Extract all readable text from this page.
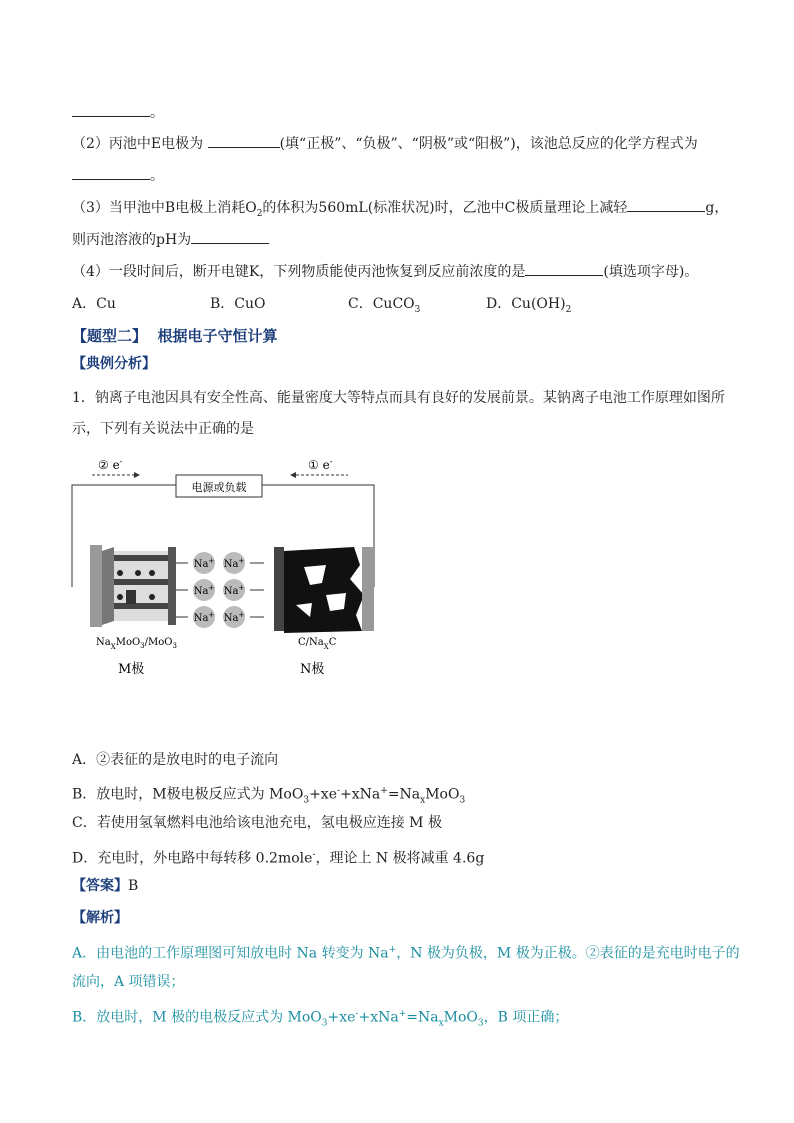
。
（2）丙池中E电极为	(填“正极”、“负极”、“阴极”或“阳极”)，该池总反应的化学方程式为
。
（3）当甲池中B电极上消耗$O_2$的体积为560mL(标准状况)时，乙池中C极质量理论上减轻	g，
则丙池溶液的pH为
（4）一段时间后，断开电键K，下列物质能使丙池恢复到反应前浓度的是	(填选项字母)。
A．Cu	B．CuO	C．CuCO$_3$	D．$Cu(OH)_2$
【题型二】 根据电子守恒计算
【典例分析】
1．钠离子电池因具有安全性高、能量密度大等特点而具有良好的发展前景。某钠离子电池工作原理如图所
示，下列有关说法中正确的是
电源或负载
② e-	① e-
Na+ Na+
Na+ Na+
Na+ Na+
$Na_XMoO_3/MoO_3$	$C/Na_XC$
M极	N极
A．②表征的是放电时的电子流向
B．放电时，M极电极反应式为 $MoO_3+xe^-+xNa^+=Na_xMoO_3$
C．若使用氢氧燃料电池给该电池充电，氢电极应连接 M 极
D．充电时，外电路中每转移 0.2mole-，理论上 N 极将减重 4.6g
【答案】B
【解析】
A．由电池的工作原理图可知放电时 Na 转变为 Na+，N 极为负极，M 极为正极。②表征的是充电时电子的
流向，A 项错误；
B．放电时，M 极的电极反应式为 $MoO_3+xe^-+xNa^+=Na_xMoO_3$，B 项正确；
